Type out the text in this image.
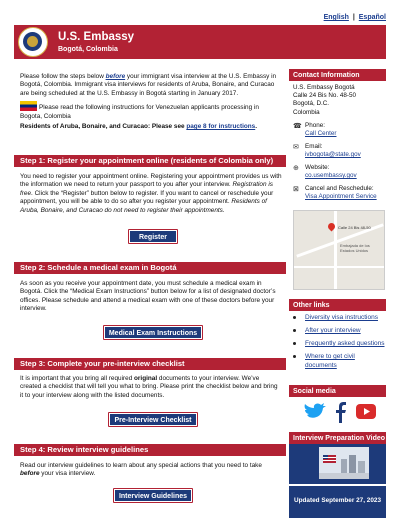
English | Español
U.S. Embassy
Bogotá, Colombia

Please follow the steps below before your immigrant visa interview at the U.S. Embassy in Bogotá, Colombia. Immigrant visa interviews for residents of Aruba, Bonaire, and Curacao are being scheduled at the U.S. Embassy in Bogotá starting in January 2017.

Please read the following instructions for Venezuelan applicants processing in Bogota, Colombia

Residents of Aruba, Bonaire, and Curacao: Please see page 8 for instructions.

Step 1: Register your appointment online (residents of Colombia only)
You need to register your appointment online. Registering your appointment provides us with the information we need to return your passport to you after your interview. Registration is free. Click the “Register” button below to register. If you want to cancel or reschedule your appointment, you will be able to do so after you register your appointment. Residents of Aruba, Bonaire, and Curacao do not need to register their appointments.
Register
Step 2: Schedule a medical exam in Bogotá
As soon as you receive your appointment date, you must schedule a medical exam in Bogotá. Click the “Medical Exam Instructions” button below for a list of designated doctor’s offices. Please schedule and attend a medical exam with one of these doctors before your interview.
Medical Exam Instructions
Step 3: Complete your pre-interview checklist
It is important that you bring all required original documents to your interview. We’ve created a checklist that will tell you what to bring. Please print the checklist below and bring it to your interview along with the listed documents.
Pre-Interview Checklist
Step 4: Review interview guidelines
Read our interview guidelines to learn about any special actions that you need to take before your visa interview.
Interview Guidelines
Contact Information
U.S. Embassy Bogotá
Calle 24 Bis No. 48-50
Bogotá, D.C.
Colombia
☎ Phone:
Call Center
✉ Email:
ivbogota@state.gov
⊕ Website:
co.usembassy.gov
⊠ Cancel and Reschedule:
Visa Appointment Service
Calle 24 Bis 48-50
Embajada de los Estados Unidos
Other links
Diversity visa instructions
After your interview
Frequently asked questions
Where to get civil documents
Social media
Interview Preparation Video
Updated September 27, 2023
